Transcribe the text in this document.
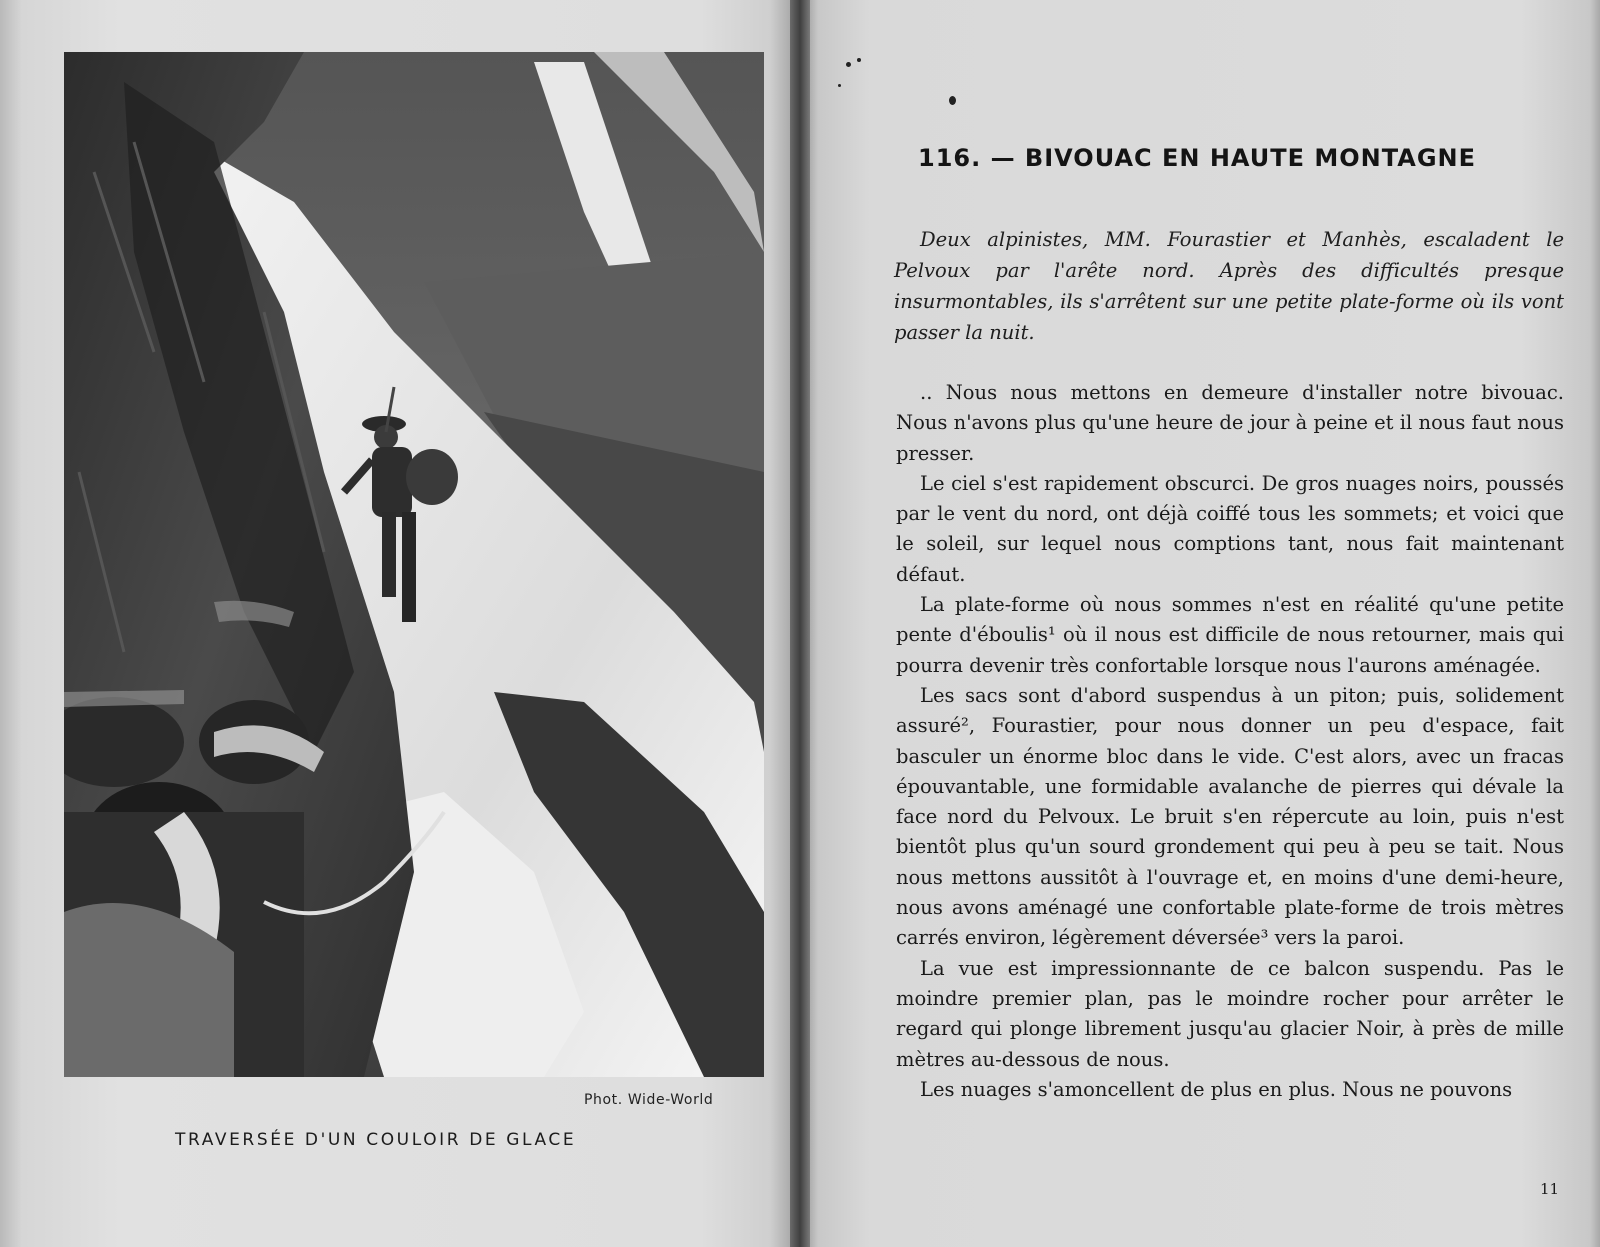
Phot. Wide-World
TRAVERSÉE D'UN COULOIR DE GLACE
116. — BIVOUAC EN HAUTE MONTAGNE

Deux alpinistes, MM. Fourastier et Manhès, escaladent le Pelvoux par l'arête nord. Après des difficultés presque insurmontables, ils s'arrêtent sur une petite plate-forme où ils vont passer la nuit.

.. Nous nous mettons en demeure d'installer notre bivouac. Nous n'avons plus qu'une heure de jour à peine et il nous faut nous presser.

Le ciel s'est rapidement obscurci. De gros nuages noirs, poussés par le vent du nord, ont déjà coiffé tous les sommets; et voici que le soleil, sur lequel nous comptions tant, nous fait maintenant défaut.

La plate-forme où nous sommes n'est en réalité qu'une petite pente d'éboulis¹ où il nous est difficile de nous retourner, mais qui pourra devenir très confortable lorsque nous l'aurons aménagée.

Les sacs sont d'abord suspendus à un piton; puis, solidement assuré², Fourastier, pour nous donner un peu d'espace, fait basculer un énorme bloc dans le vide. C'est alors, avec un fracas épouvantable, une formidable avalanche de pierres qui dévale la face nord du Pelvoux. Le bruit s'en répercute au loin, puis n'est bientôt plus qu'un sourd grondement qui peu à peu se tait. Nous nous mettons aussitôt à l'ouvrage et, en moins d'une demi-heure, nous avons aménagé une confortable plate-forme de trois mètres carrés environ, légèrement déversée³ vers la paroi.

La vue est impressionnante de ce balcon suspendu. Pas le moindre premier plan, pas le moindre rocher pour arrêter le regard qui plonge librement jusqu'au glacier Noir, à près de mille mètres au-dessous de nous.

Les nuages s'amoncellent de plus en plus. Nous ne pouvons

11
